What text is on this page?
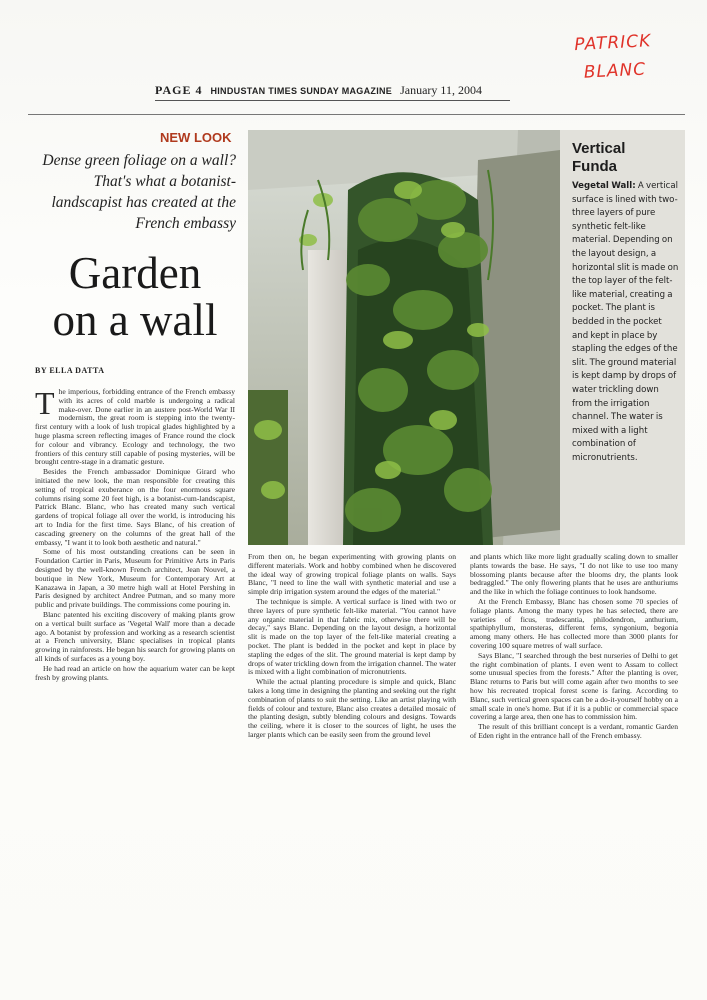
PATRICK
BLANC
PAGE 4 HINDUSTAN TIMES SUNDAY MAGAZINE January 11, 2004
NEW LOOK
Dense green foliage on a wall? That's what a botanist-landscapist has created at the French embassy
Garden
on a wall
BY ELLA DATTA
Vertical
Funda
Vegetal Wall: A vertical surface is lined with two-three layers of pure synthetic felt-like material. Depending on the layout design, a horizontal slit is made on the top layer of the felt-like material, creating a pocket. The plant is bedded in the pocket and kept in place by stapling the edges of the slit. The ground material is kept damp by drops of water trickling down from the irrigation channel. The water is mixed with a light combination of micronutrients.

The imperious, forbidding entrance of the French embassy with its acres of cold marble is undergoing a radical make-over. Done earlier in an austere post-World War II modernism, the great room is stepping into the twenty-first century with a look of lush tropical glades highlighted by a huge plasma screen reflecting images of France round the clock for colour and vibrancy. Ecology and technology, the two frontiers of this century still capable of posing mysteries, will be brought centre-stage in a dramatic gesture.

Besides the French ambassador Dominique Girard who initiated the new look, the man responsible for creating this setting of tropical exuberance on the four enormous square columns rising some 20 feet high, is a botanist-cum-landscapist, Patrick Blanc. Blanc, who has created many such vertical gardens of tropical foliage all over the world, is introducing his art to India for the first time. Says Blanc, of his creation of cascading greenery on the columns of the great hall of the embassy, "I want it to look both aesthetic and natural."

Some of his most outstanding creations can be seen in Foundation Cartier in Paris, Museum for Primitive Arts in Paris designed by the well-known French architect, Jean Nouvel, a boutique in New York, Museum for Contemporary Art at Kanazawa in Japan, a 30 metre high wall at Hotel Pershing in Paris designed by architect Andree Putman, and so many more public and private buildings. The commissions come pouring in.

Blanc patented his exciting discovery of making plants grow on a vertical built surface as 'Vegetal Wall' more than a decade ago. A botanist by profession and working as a research scientist at a French university, Blanc specialises in tropical plants growing in rainforests. He began his search for growing plants on all kinds of surfaces as a young boy.

He had read an article on how the aquarium water can be kept fresh by growing plants.

From then on, he began experimenting with growing plants on different materials. Work and hobby combined when he discovered the ideal way of growing tropical foliage plants on walls. Says Blanc, "I need to line the wall with synthetic material and use a simple drip irrigation system around the edges of the material."

The technique is simple. A vertical surface is lined with two or three layers of pure synthetic felt-like material. "You cannot have any organic material in that fabric mix, otherwise there will be decay," says Blanc. Depending on the layout design, a horizontal slit is made on the top layer of the felt-like material creating a pocket. The plant is bedded in the pocket and kept in place by stapling the edges of the slit. The ground material is kept damp by drops of water trickling down from the irrigation channel. The water is mixed with a light combination of micronutrients.

While the actual planting procedure is simple and quick, Blanc takes a long time in designing the planting and seeking out the right combination of plants to suit the setting. Like an artist playing with fields of colour and texture, Blanc also creates a detailed mosaic of the planting design, subtly blending colours and designs. Towards the ceiling, where it is closer to the sources of light, he uses the larger plants which can be easily seen from the ground level

and plants which like more light gradually scaling down to smaller plants towards the base. He says, "I do not like to use too many blossoming plants because after the blooms dry, the plants look bedraggled." The only flowering plants that he uses are anthuriums and the like in which the foliage continues to look handsome.

At the French Embassy, Blanc has chosen some 70 species of foliage plants. Among the many types he has selected, there are varieties of ficus, tradescantia, philodendron, anthurium, spathiphyllum, monsteras, different ferns, syngonium, begonia among many others. He has collected more than 3000 plants for covering 100 square metres of wall surface.

Says Blanc, "I searched through the best nurseries of Delhi to get the right combination of plants. I even went to Assam to collect some unusual species from the forests." After the planting is over, Blanc returns to Paris but will come again after two months to see how his recreated tropical forest scene is faring. According to Blanc, such vertical green spaces can be a do-it-yourself hobby on a small scale in one's home. But if it is a public or commercial space covering a large area, then one has to commission him.

The result of this brilliant concept is a verdant, romantic Garden of Eden right in the entrance hall of the French embassy.
